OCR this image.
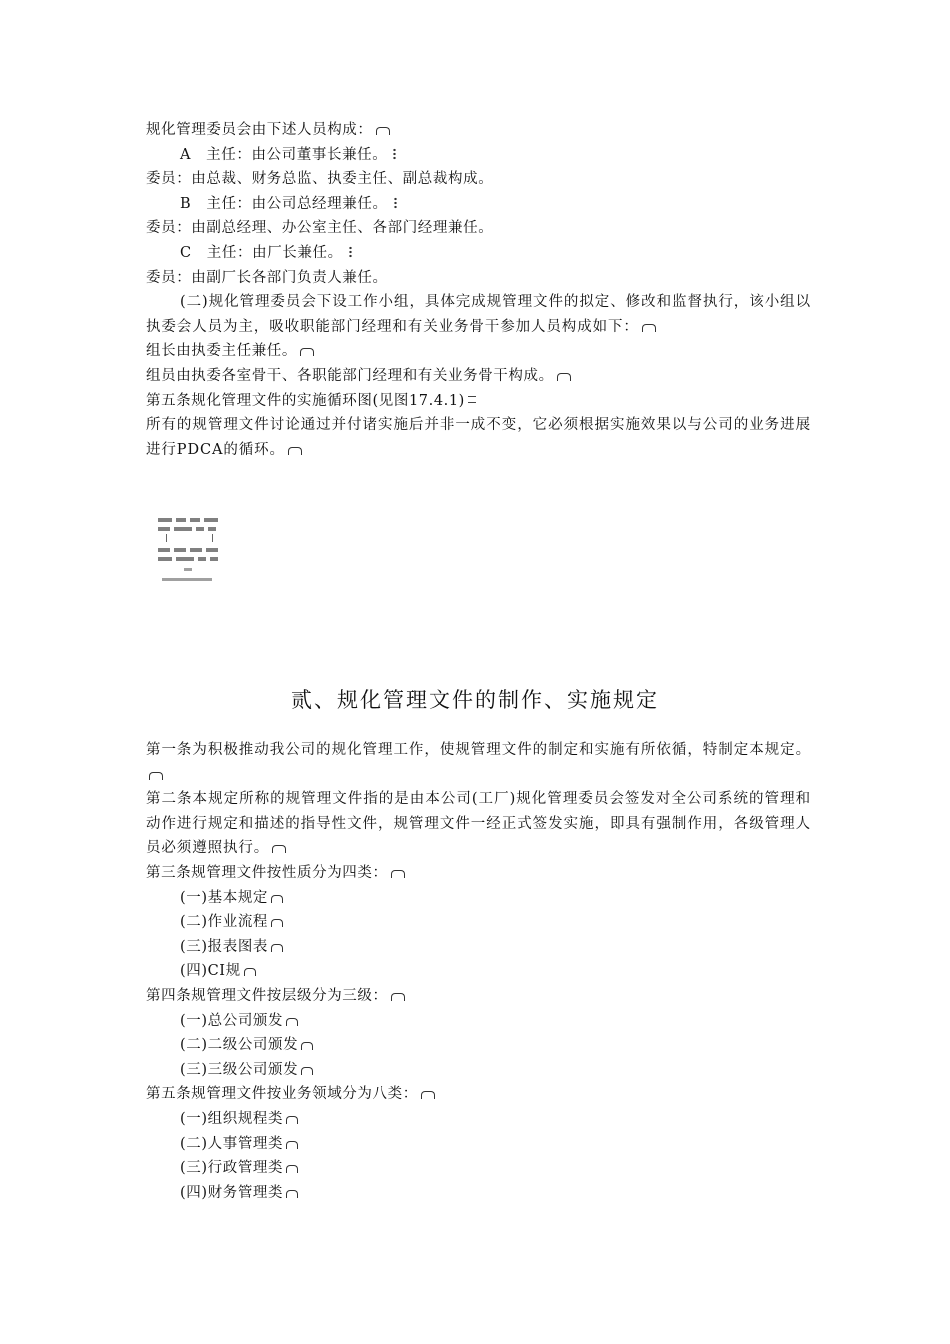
规化管理委员会由下述人员构成：
A　主任：由公司董事长兼任。
委员：由总裁、财务总监、执委主任、副总裁构成。
B　主任：由公司总经理兼任。
委员：由副总经理、办公室主任、各部门经理兼任。
C　主任：由厂长兼任。
委员：由副厂长各部门负责人兼任。
(二)规化管理委员会下设工作小组，具体完成规管理文件的拟定、修改和监督执行，该小组以执委会人员为主，吸收职能部门经理和有关业务骨干参加人员构成如下：
组长由执委主任兼任。
组员由执委各室骨干、各职能部门经理和有关业务骨干构成。
第五条规化管理文件的实施循环图(见图17.4.1)
所有的规管理文件讨论通过并付诸实施后并非一成不变，它必须根据实施效果以与公司的业务进展进行PDCA的循环。
贰、规化管理文件的制作、实施规定
第一条为积极推动我公司的规化管理工作，使规管理文件的制定和实施有所依循，特制定本规定。
第二条本规定所称的规管理文件指的是由本公司(工厂)规化管理委员会签发对全公司系统的管理和动作进行规定和描述的指导性文件，规管理文件一经正式签发实施，即具有强制作用，各级管理人员必须遵照执行。
第三条规管理文件按性质分为四类：
(一)基本规定
(二)作业流程
(三)报表图表
(四)CI规
第四条规管理文件按层级分为三级：
(一)总公司颁发
(二)二级公司颁发
(三)三级公司颁发
第五条规管理文件按业务领域分为八类：
(一)组织规程类
(二)人事管理类
(三)行政管理类
(四)财务管理类
